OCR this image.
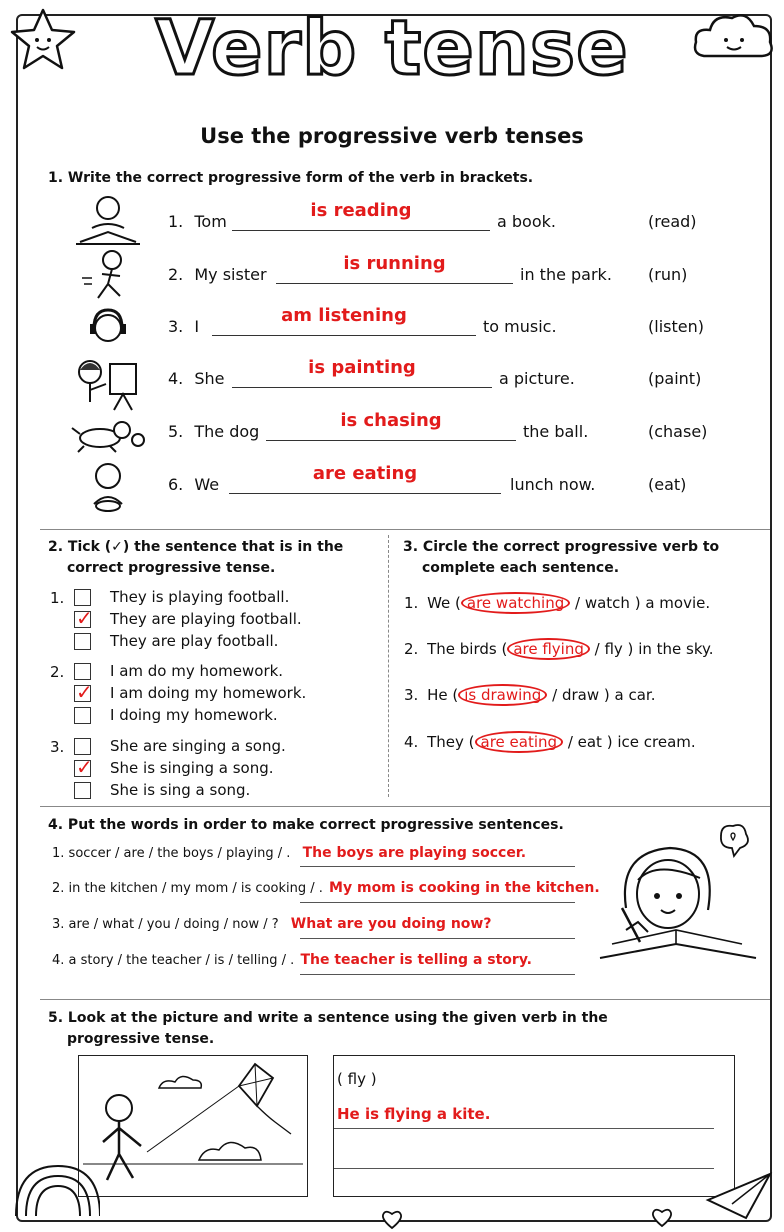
Verb tense
Use the progressive verb tenses
1. Write the correct progressive form of the verb in brackets.
1. Tom
is reading
a book.	(read)
2. My sister
is running
in the park. (run)
3. I
am listening
to music.	(listen)
4. She
is painting
a picture.	(paint)
5. The dog
is chasing
the ball.	(chase)
6. We
are eating
lunch now.	(eat)
2. Tick (✓) the sentence that is in the
correct progressive tense.
1.	They is playing football.
✓ They are playing football.
They are play football.
2.	I am do my homework.
✓ I am doing my homework.
I doing my homework.
3.	She are singing a song.
✓ She is singing a song.
She is sing a song.
3. Circle the correct progressive verb to
complete each sentence.
1. We ( are watching / watch ) a movie.
2. The birds ( are flying / fly ) in the sky.
3. He ( is drawing / draw ) a car.
4. They ( are eating / eat ) ice cream.
4. Put the words in order to make correct progressive sentences.
1. soccer / are / the boys / playing / . The boys are playing soccer.
2. in the kitchen / my mom / is cooking / . My mom is cooking in the kitchen.
3. are / what / you / doing / now / ? What are you doing now?
4. a story / the teacher / is / telling / . The teacher is telling a story.
5. Look at the picture and write a sentence using the given verb in the
progressive tense.
( fly )
He is flying a kite.
